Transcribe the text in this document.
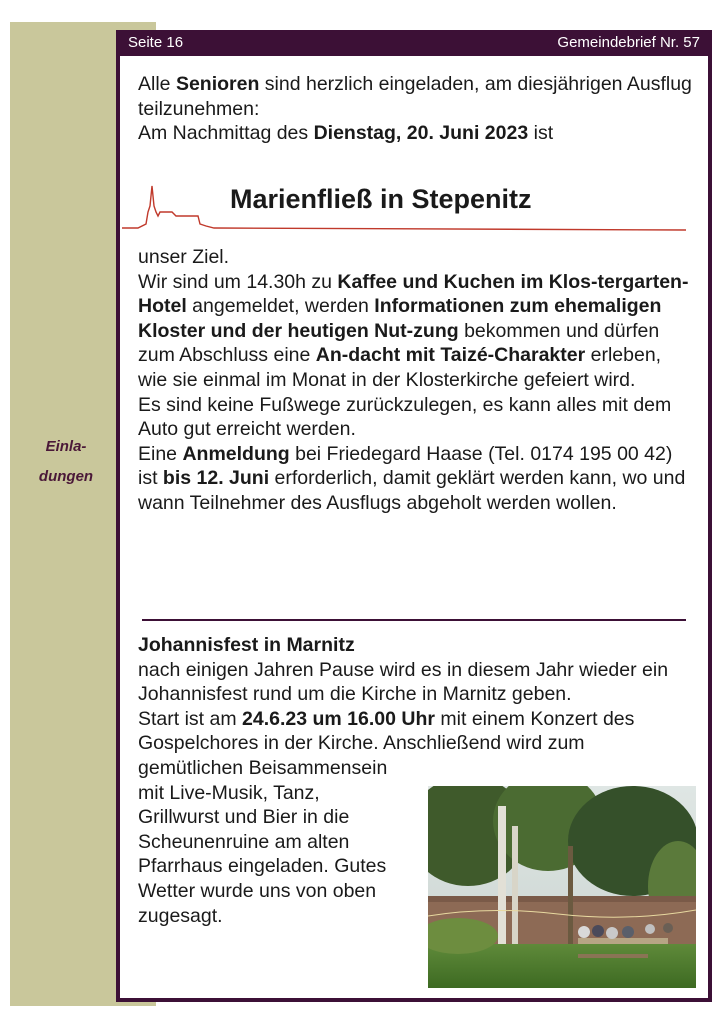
Einla-
dungen
Seite 16	Gemeindebrief Nr. 57

Alle Senioren sind herzlich eingeladen, am diesjährigen Ausflug teilzunehmen:

Am Nachmittag des Dienstag, 20. Juni 2023 ist

Marienfließ in Stepenitz

unser Ziel.

Wir sind um 14.30h zu Kaffee und Kuchen im Klos-tergarten-Hotel angemeldet, werden Informationen zum ehemaligen Kloster und der heutigen Nut-zung bekommen und dürfen zum Abschluss eine An-dacht mit Taizé-Charakter erleben, wie sie einmal im Monat in der Klosterkirche gefeiert wird.

Es sind keine Fußwege zurückzulegen, es kann alles mit dem Auto gut erreicht werden.

Eine Anmeldung bei Friedegard Haase (Tel. 0174 195 00 42) ist bis 12. Juni erforderlich, damit geklärt werden kann, wo und wann Teilnehmer des Ausflugs abgeholt werden wollen.

Johannisfest in Marnitz

nach einigen Jahren Pause wird es in diesem Jahr wieder ein Johannisfest rund um die Kirche in Marnitz geben.

Start ist am 24.6.23 um 16.00 Uhr mit einem Konzert des Gospelchores in der Kirche. Anschließend wird zum

gemütlichen Beisammensein

mit Live-Musik, Tanz,

Grillwurst und Bier in die

Scheunenruine am alten

Pfarrhaus eingeladen. Gutes

Wetter wurde uns von oben

zugesagt.
